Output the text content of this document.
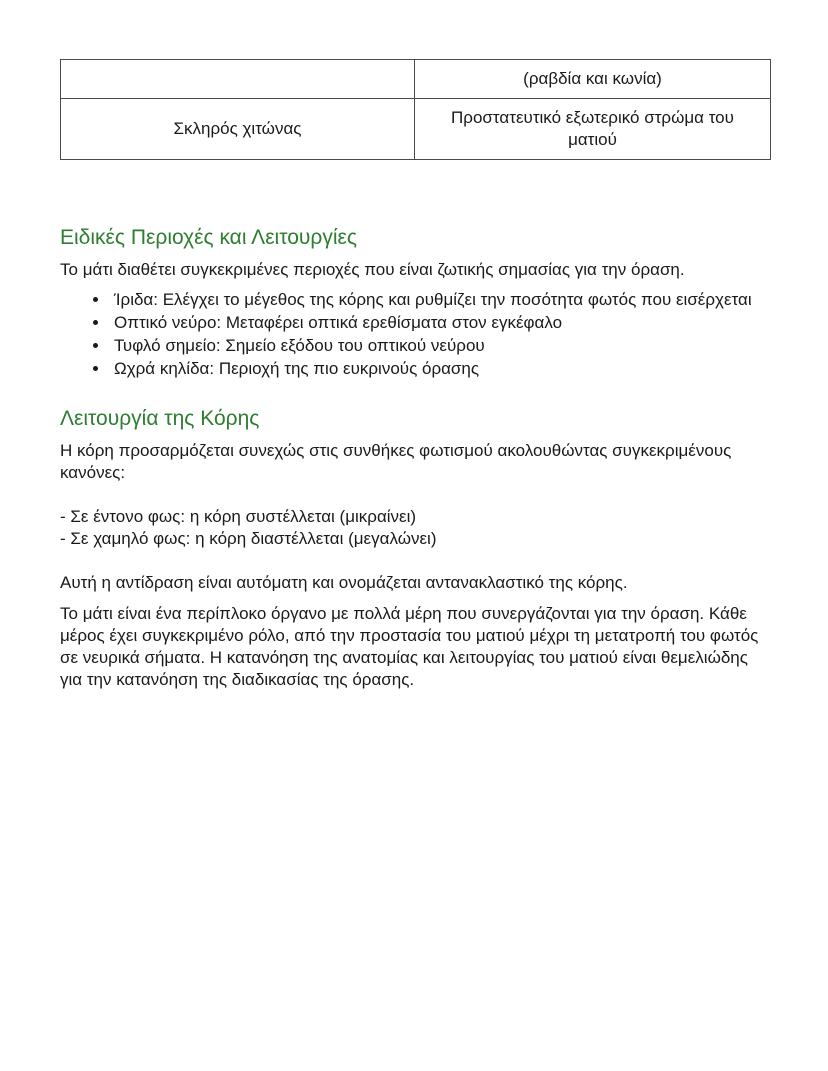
	(ραβδία και κωνία)
Σκληρός χιτώνας	Προστατευτικό εξωτερικό στρώμα του ματιού
Ειδικές Περιοχές και Λειτουργίες

Το μάτι διαθέτει συγκεκριμένες περιοχές που είναι ζωτικής σημασίας για την όραση.

• Ίριδα: Ελέγχει το μέγεθος της κόρης και ρυθμίζει την ποσότητα φωτός που εισέρχεται
• Οπτικό νεύρο: Μεταφέρει οπτικά ερεθίσματα στον εγκέφαλο
• Τυφλό σημείο: Σημείο εξόδου του οπτικού νεύρου
• Ωχρά κηλίδα: Περιοχή της πιο ευκρινούς όρασης
Λειτουργία της Κόρης

Η κόρη προσαρμόζεται συνεχώς στις συνθήκες φωτισμού ακολουθώντας συγκεκριμένους κανόνες:

- Σε έντονο φως: η κόρη συστέλλεται (μικραίνει)
- Σε χαμηλό φως: η κόρη διαστέλλεται (μεγαλώνει)

Αυτή η αντίδραση είναι αυτόματη και ονομάζεται αντανακλαστικό της κόρης.

Το μάτι είναι ένα περίπλοκο όργανο με πολλά μέρη που συνεργάζονται για την όραση. Κάθε μέρος έχει συγκεκριμένο ρόλο, από την προστασία του ματιού μέχρι τη μετατροπή του φωτός σε νευρικά σήματα. Η κατανόηση της ανατομίας και λειτουργίας του ματιού είναι θεμελιώδης για την κατανόηση της διαδικασίας της όρασης.
